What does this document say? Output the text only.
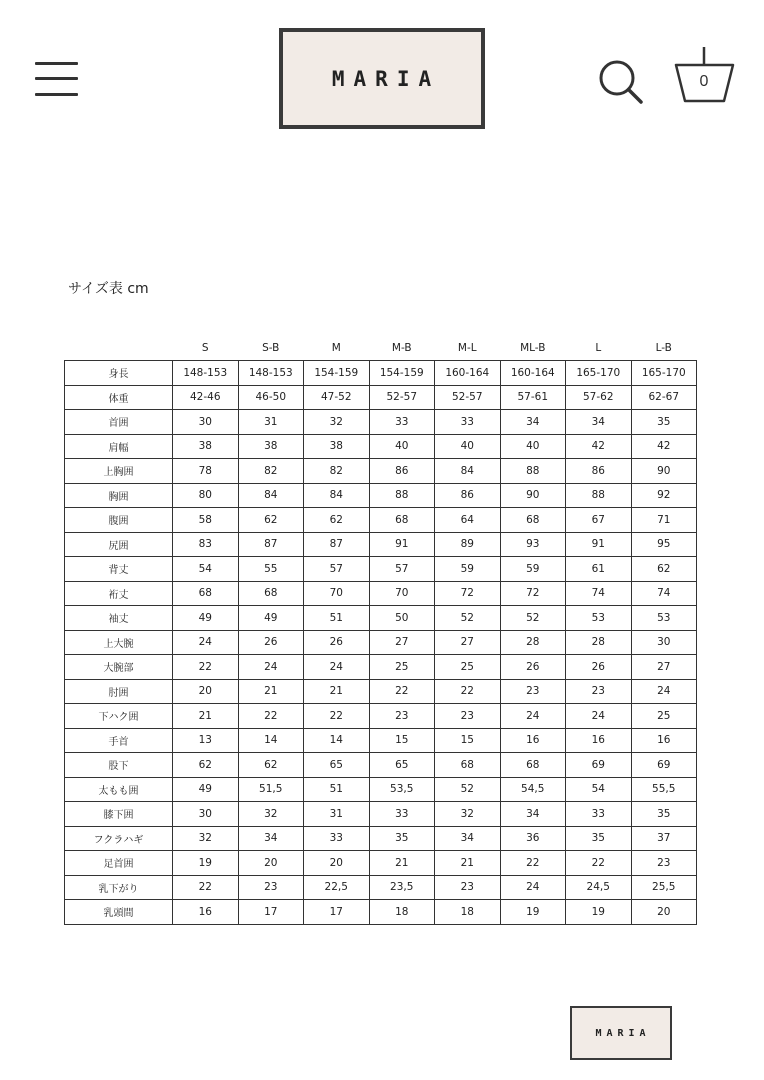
MARIA	0
サイズ表 cm
	S	S-B	M	M-B	M-L	ML-B	L	L-B
身長	148-153	148-153	154-159	154-159	160-164	160-164	165-170	165-170
体重	42-46	46-50	47-52	52-57	52-57	57-61	57-62	62-67
首囲	30	31	32	33	33	34	34	35
肩幅	38	38	38	40	40	40	42	42
上胸囲	78	82	82	86	84	88	86	90
胸囲	80	84	84	88	86	90	88	92
腹囲	58	62	62	68	64	68	67	71
尻囲	83	87	87	91	89	93	91	95
背丈	54	55	57	57	59	59	61	62
裄丈	68	68	70	70	72	72	74	74
袖丈	49	49	51	50	52	52	53	53
上大腕	24	26	26	27	27	28	28	30
大腕部	22	24	24	25	25	26	26	27
肘囲	20	21	21	22	22	23	23	24
下ハク囲	21	22	22	23	23	24	24	25
手首	13	14	14	15	15	16	16	16
股下	62	62	65	65	68	68	69	69
太もも囲	49	51,5	51	53,5	52	54,5	54	55,5
膝下囲	30	32	31	33	32	34	33	35
フクラハギ	32	34	33	35	34	36	35	37
足首囲	19	20	20	21	21	22	22	23
乳下がり	22	23	22,5	23,5	23	24	24,5	25,5
乳頭間	16	17	17	18	18	19	19	20
MARIA
